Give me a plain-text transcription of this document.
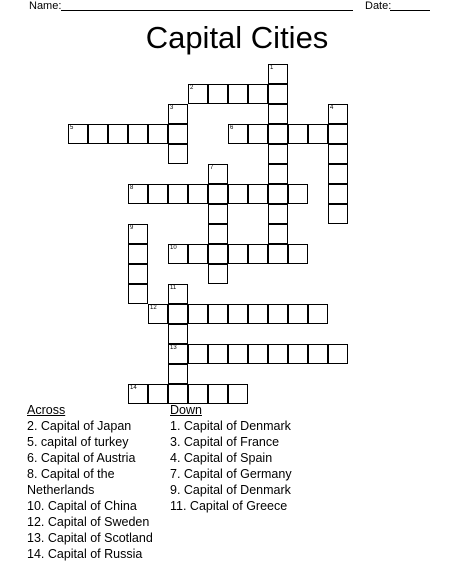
Name:	Date:
Capital Cities
1
2
3	4
5	6
7
8
9
10
11
13
12
14
Across
2. Capital of Japan
5. capital of turkey
6. Capital of Austria
8. Capital of the Netherlands
10. Capital of China
12. Capital of Sweden
13. Capital of Scotland
14. Capital of Russia
Down
1. Capital of Denmark
3. Capital of France
4. Capital of Spain
7. Capital of Germany
9. Capital of Denmark
11. Capital of Greece
